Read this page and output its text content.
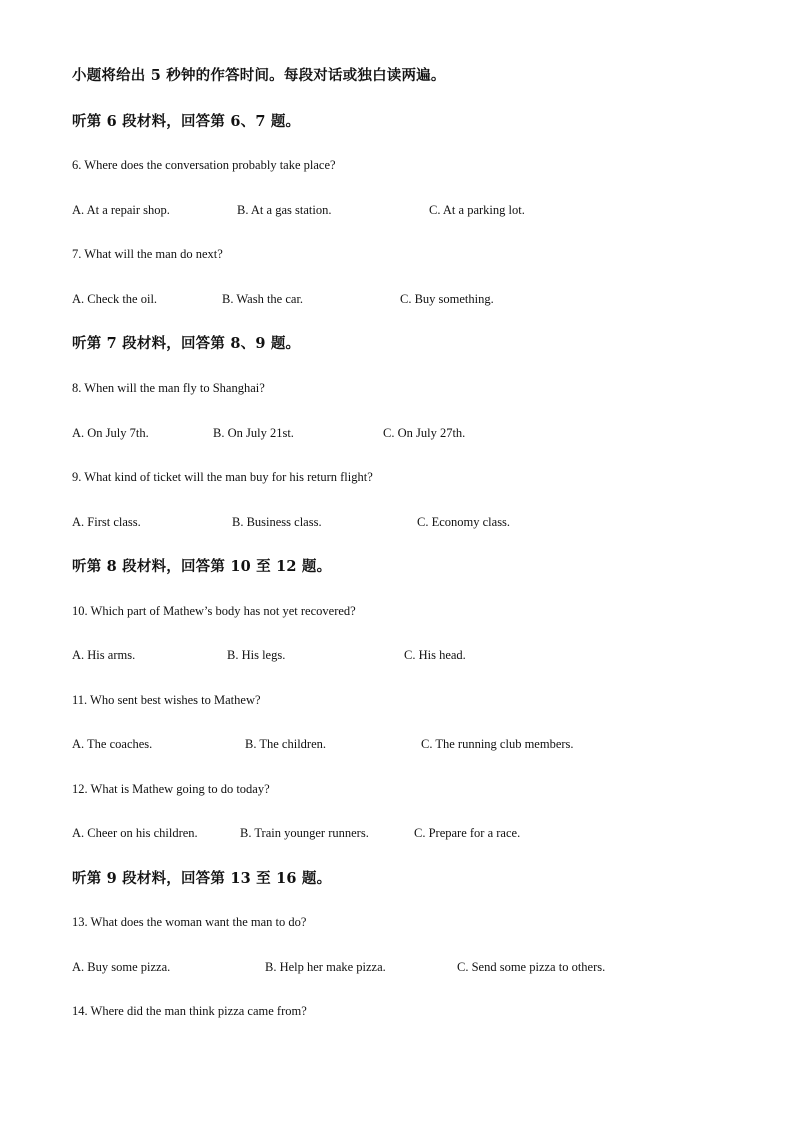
小题将给出 5 秒钟的作答时间。每段对话或独白读两遍。
听第 6 段材料，回答第 6、7 题。
6. Where does the conversation probably take place?
A. At a repair shop.	B. At a gas station.	C. At a parking lot.
7. What will the man do next?
A. Check the oil.	B. Wash the car.	C. Buy something.
听第 7 段材料，回答第 8、9 题。
8. When will the man fly to Shanghai?
A. On July 7th.	B. On July 21st.	C. On July 27th.
9. What kind of ticket will the man buy for his return flight?
A. First class.	B. Business class.	C. Economy class.
听第 8 段材料，回答第 10 至 12 题。
10. Which part of Mathew’s body has not yet recovered?
A. His arms.	B. His legs.	C. His head.
11. Who sent best wishes to Mathew?
A. The coaches.	B. The children.	C. The running club members.
12. What is Mathew going to do today?
A. Cheer on his children.	B. Train younger runners.	C. Prepare for a race.
听第 9 段材料，回答第 13 至 16 题。
13. What does the woman want the man to do?
A. Buy some pizza.	B. Help her make pizza.	C. Send some pizza to others.
14. Where did the man think pizza came from?
